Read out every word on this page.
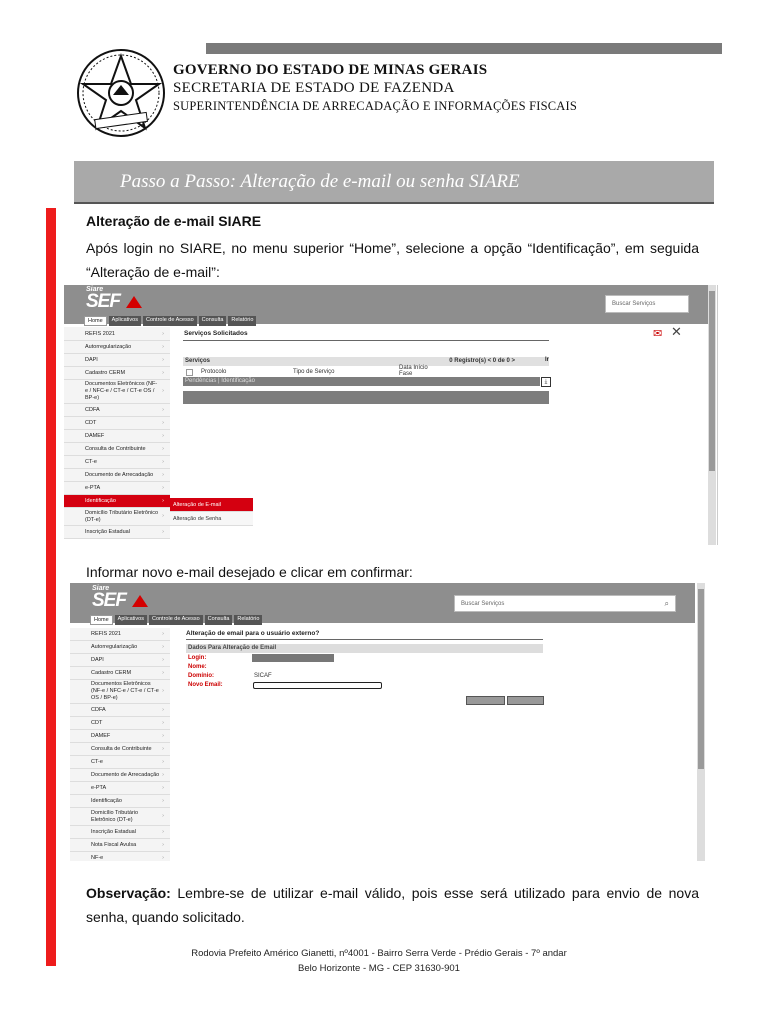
GOVERNO DO ESTADO DE MINAS GERAIS
SECRETARIA DE ESTADO DE FAZENDA
SUPERINTENDÊNCIA DE ARRECADAÇÃO E INFORMAÇÕES FISCAIS
Passo a Passo: Alteração de e-mail ou senha SIARE
Alteração de e-mail SIARE
Após login no SIARE, no menu superior “Home”, selecione a opção “Identificação”, em seguida “Alteração de e-mail”:
Siare
SEF	Buscar Serviços
Home	Aplicativos	Controle de Acesso	Consulta	Relatório
REFIS 2021	›
Autorregularização	›
DAPI	›
Cadastro CERM	›
Documentos Eletrônicos (NF-e / NFC-e / CT-e / CT-e OS / BP-e)
›
CDFA	›
CDT	›
DAMEF	›
Consulta de Contribuinte	›
CT-e	›
Documento de Arrecadação ›
e-PTA	›
Identificação	›
Domicílio Tributário Eletrônico (DT-e)
›
Inscrição Estadual	›
Alteração de E-mail
Alteração de Senha
Serviços Solicitados
Serviços	0 Registro(s) < 0 de 0 >	Ir
Protocolo	Tipo de Serviço
Data Início
Fase
Pendências | Identificação	⤓
✉ ✕
Informar novo e-mail desejado e clicar em confirmar:
Siare
SEF	Buscar Serviços	⌕
Home	Aplicativos	Controle de Acesso	Consulta	Relatório
REFIS 2021	›
Autorregularização	›
DAPI	›
Cadastro CERM	›
Documentos Eletrônicos (NF-e / NFC-e / CT-e / CT-e OS / BP-e)
›
CDFA	›
CDT	›
DAMEF	›
Consulta de Contribuinte ›
CT-e	›
Documento de Arrecadação ›
e-PTA	›
Identificação	›
Domicílio Tributário Eletrônico (DT-e)
›
Inscrição Estadual	›
Nota Fiscal Avulsa	›
NF-e	›
Alteração de email para o usuário externo?
Dados Para Alteração de Email
Login:
Nome:
Domínio:	SICAF
Novo Email:
Observação: Lembre-se de utilizar e-mail válido, pois esse será utilizado para envio de nova senha, quando solicitado.
Rodovia Prefeito Américo Gianetti, nº4001 - Bairro Serra Verde - Prédio Gerais - 7º andar
Belo Horizonte - MG - CEP 31630-901
